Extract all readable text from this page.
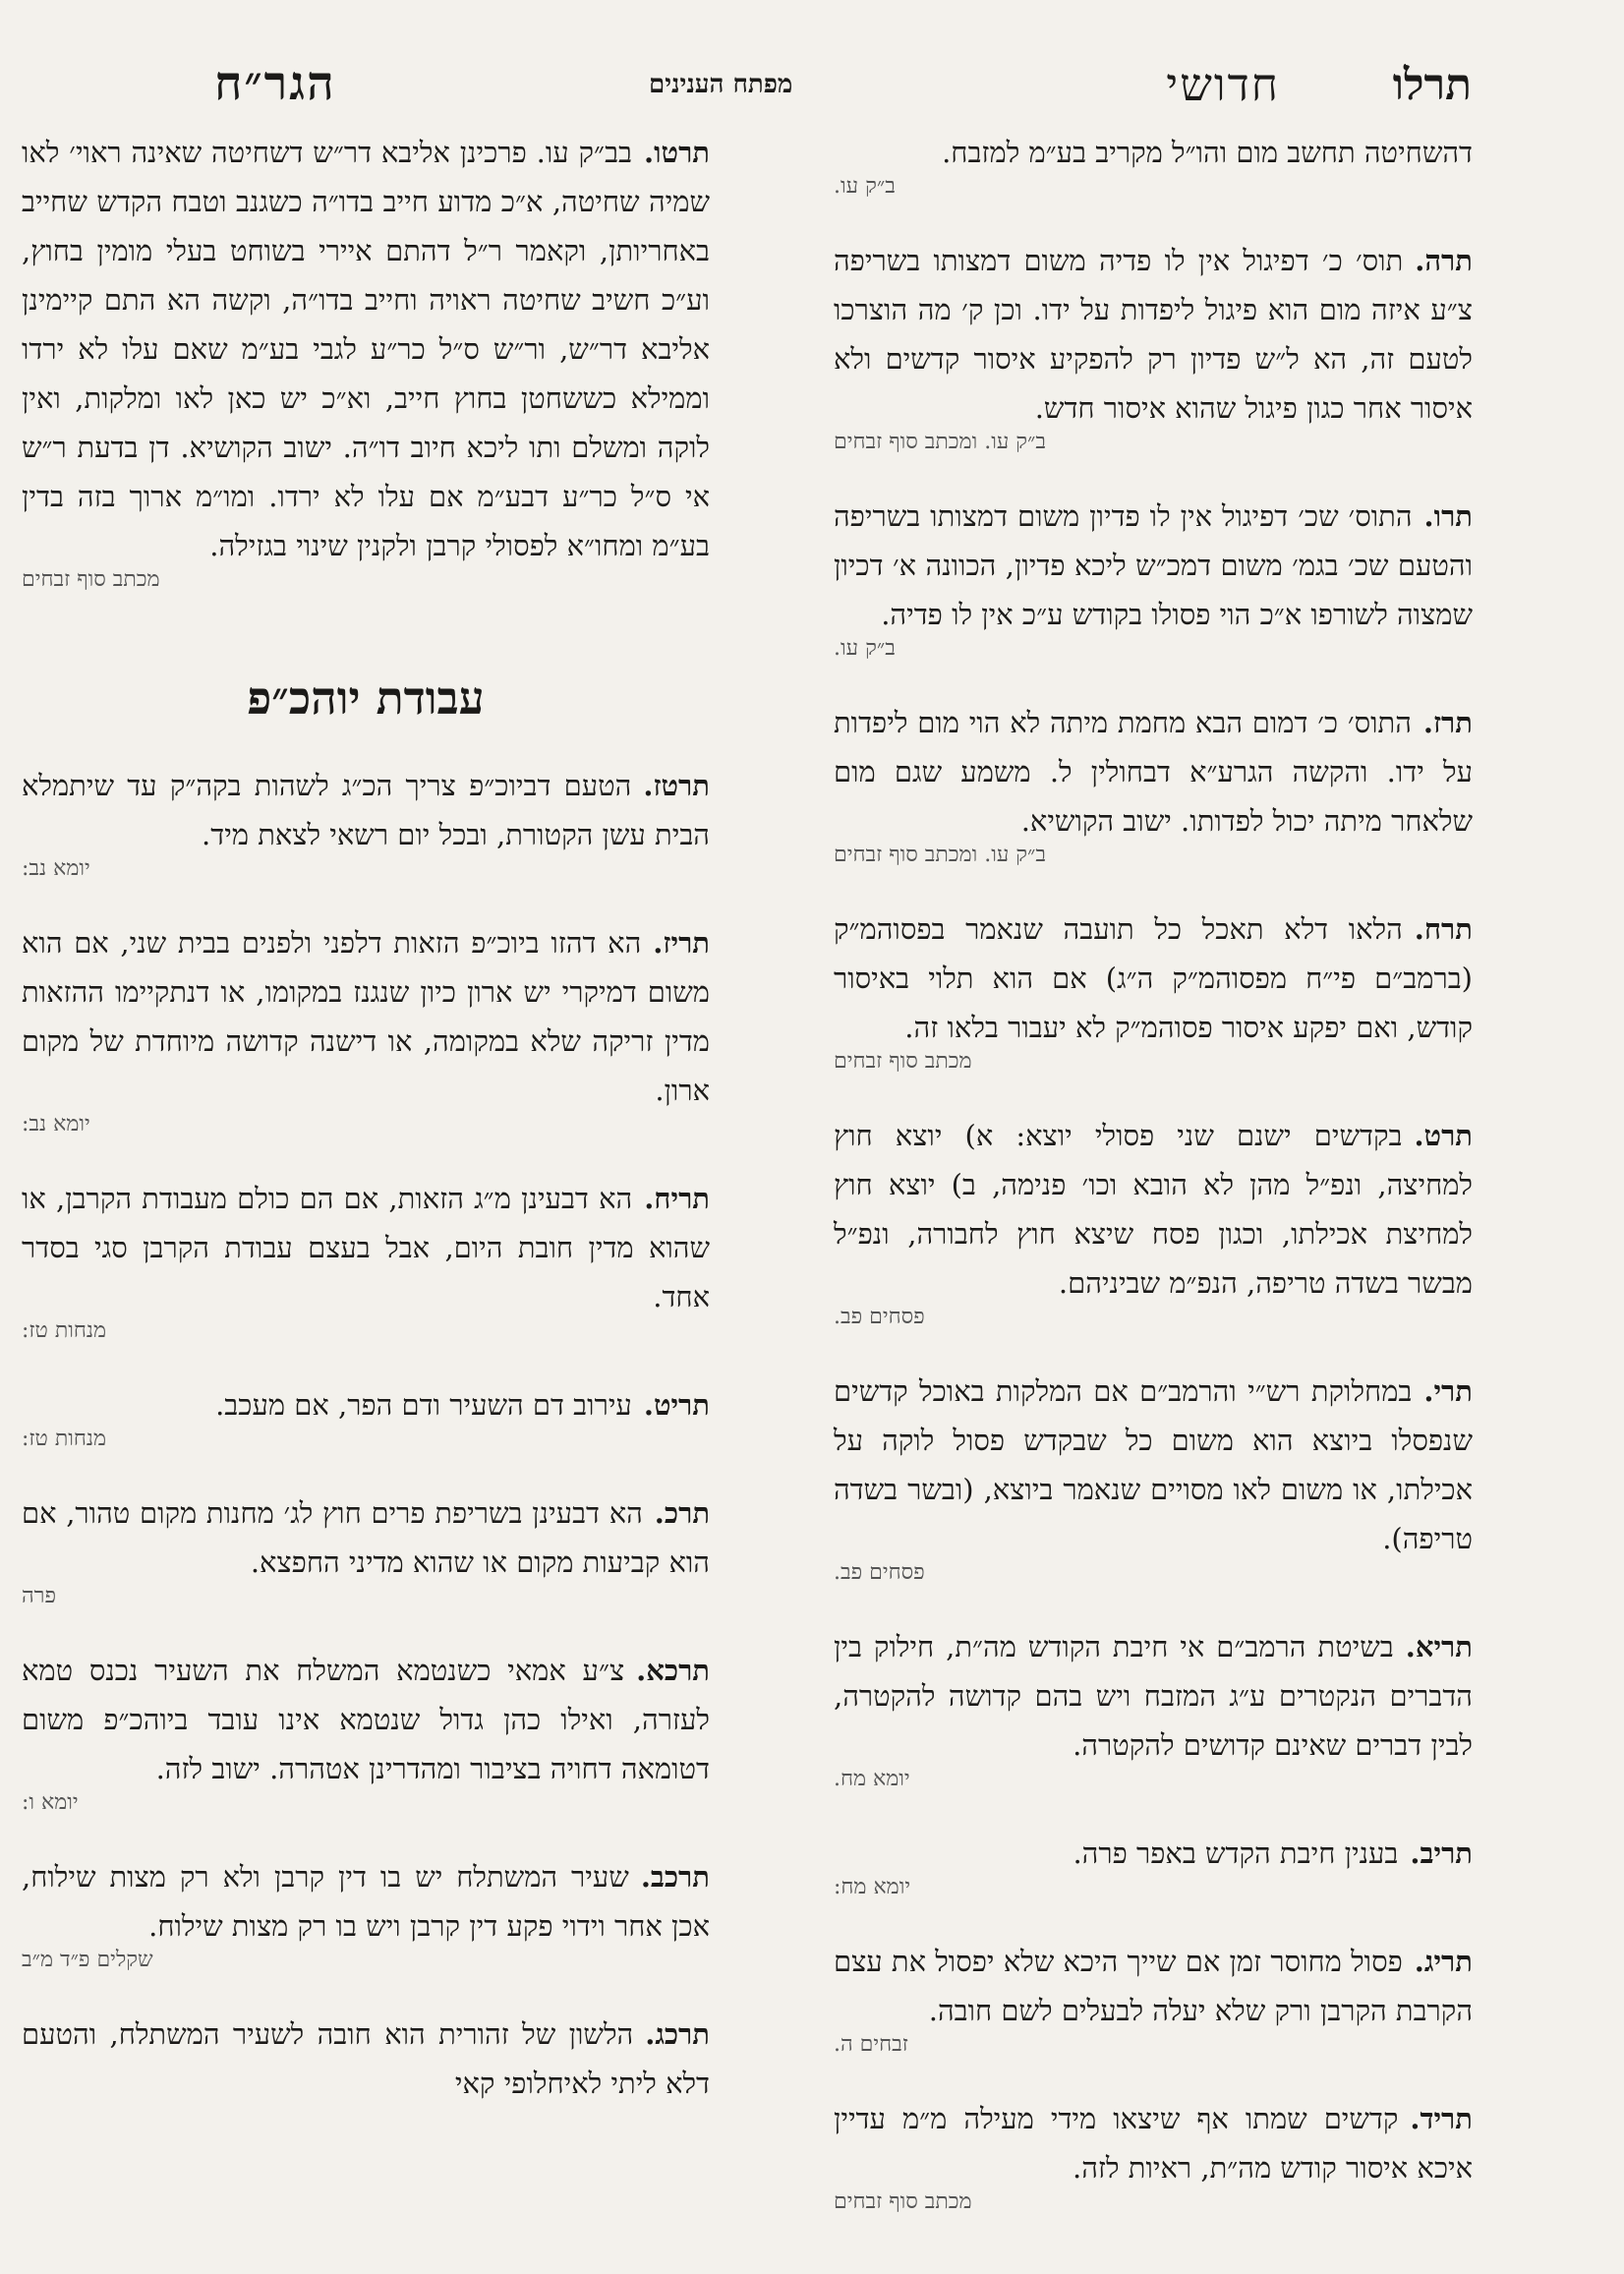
תרלו
חדושי
מפתח הענינים
הגר״ח
דהשחיטה תחשב מום והו״ל מקריב בע״מ למזבח.
ב״ק עו.
תרה.תוס׳ כ׳ דפיגול אין לו פדיה משום דמצותו בשריפה צ״ע איזה מום הוא פיגול ליפדות על ידו. וכן ק׳ מה הוצרכו לטעם זה, הא ל״ש פדיון רק להפקיע איסור קדשים ולא איסור אחר כגון פיגול שהוא איסור חדש.
ב״ק עו. ומכתב סוף זבחים
תרו.התוס׳ שכ׳ דפיגול אין לו פדיון משום דמצותו בשריפה והטעם שכ׳ בגמ׳ משום דמכ״ש ליכא פדיון, הכוונה א׳ דכיון שמצוה לשורפו א״כ הוי פסולו בקודש ע״כ אין לו פדיה.
ב״ק עו.
תרז.התוס׳ כ׳ דמום הבא מחמת מיתה לא הוי מום ליפדות על ידו. והקשה הגרע״א דבחולין ל. משמע שגם מום שלאחר מיתה יכול לפדותו. ישוב הקושיא.
ב״ק עו. ומכתב סוף זבחים
תרח.הלאו דלא תאכל כל תועבה שנאמר בפסוהמ״ק (ברמב״ם פי״ח מפסוהמ״ק ה״ג) אם הוא תלוי באיסור קודש, ואם יפקע איסור פסוהמ״ק לא יעבור בלאו זה.
מכתב סוף זבחים
תרט.בקדשים ישנם שני פסולי יוצא: א) יוצא חוץ למחיצה, ונפ״ל מהן לא הובא וכו׳ פנימה, ב) יוצא חוץ למחיצת אכילתו, וכגון פסח שיצא חוץ לחבורה, ונפ״ל מבשר בשדה טריפה, הנפ״מ שביניהם.
פסחים פב.
תרי.במחלוקת רש״י והרמב״ם אם המלקות באוכל קדשים שנפסלו ביוצא הוא משום כל שבקדש פסול לוקה על אכילתו, או משום לאו מסויים שנאמר ביוצא, (ובשר בשדה טריפה).
פסחים פב.
תריא.בשיטת הרמב״ם אי חיבת הקודש מה״ת, חילוק בין הדברים הנקטרים ע״ג המזבח ויש בהם קדושה להקטרה, לבין דברים שאינם קדושים להקטרה.
יומא מח.
תריב.בענין חיבת הקדש באפר פרה.
יומא מח:
תריג.פסול מחוסר זמן אם שייך היכא שלא יפסול את עצם הקרבת הקרבן ורק שלא יעלה לבעלים לשם חובה.
זבחים ה.
תריד.קדשים שמתו אף שיצאו מידי מעילה מ״מ עדיין איכא איסור קודש מה״ת, ראיות לזה.
מכתב סוף זבחים
תרטו.בב״ק עו. פרכינן אליבא דר״ש דשחיטה שאינה ראוי׳ לאו שמיה שחיטה, א״כ מדוע חייב בדו״ה כשגנב וטבח הקדש שחייב באחריותן, וקאמר ר״ל דהתם איירי בשוחט בעלי מומין בחוץ, וע״כ חשיב שחיטה ראויה וחייב בדו״ה, וקשה הא התם קיימינן אליבא דר״ש, ור״ש ס״ל כר״ע לגבי בע״מ שאם עלו לא ירדו וממילא כששחטן בחוץ חייב, וא״כ יש כאן לאו ומלקות, ואין לוקה ומשלם ותו ליכא חיוב דו״ה. ישוב הקושיא. דן בדעת ר״ש אי ס״ל כר״ע דבע״מ אם עלו לא ירדו. ומו״מ ארוך בזה בדין בע״מ ומחו״א לפסולי קרבן ולקנין שינוי בגזילה.
מכתב סוף זבחים
עבודת יוהכ״פ
תרטז.הטעם דביוכ״פ צריך הכ״ג לשהות בקה״ק עד שיתמלא הבית עשן הקטורת, ובכל יום רשאי לצאת מיד.
יומא נב:
תריז.הא דהזו ביוכ״פ הזאות דלפני ולפנים בבית שני, אם הוא משום דמיקרי יש ארון כיון שנגנז במקומו, או דנתקיימו ההזאות מדין זריקה שלא במקומה, או דישנה קדושה מיוחדת של מקום ארון.
יומא נב:
תריח.הא דבעינן מ״ג הזאות, אם הם כולם מעבודת הקרבן, או שהוא מדין חובת היום, אבל בעצם עבודת הקרבן סגי בסדר אחד.
מנחות טז:
תריט.עירוב דם השעיר ודם הפר, אם מעכב.
מנחות טז:
תרכ.הא דבעינן בשריפת פרים חוץ לג׳ מחנות מקום טהור, אם הוא קביעות מקום או שהוא מדיני החפצא.
פרה
תרכא.צ״ע אמאי כשנטמא המשלח את השעיר נכנס טמא לעזרה, ואילו כהן גדול שנטמא אינו עובד ביוהכ״פ משום דטומאה דחויה בציבור ומהדרינן אטהרה. ישוב לזה.
יומא ו:
תרכב.שעיר המשתלח יש בו דין קרבן ולא רק מצות שילוח, אכן אחר וידוי פקע דין קרבן ויש בו רק מצות שילוח.
שקלים פ״ד מ״ב
תרכג.הלשון של זהורית הוא חובה לשעיר המשתלח, והטעם דלא ליתי לאיחלופי קאי
